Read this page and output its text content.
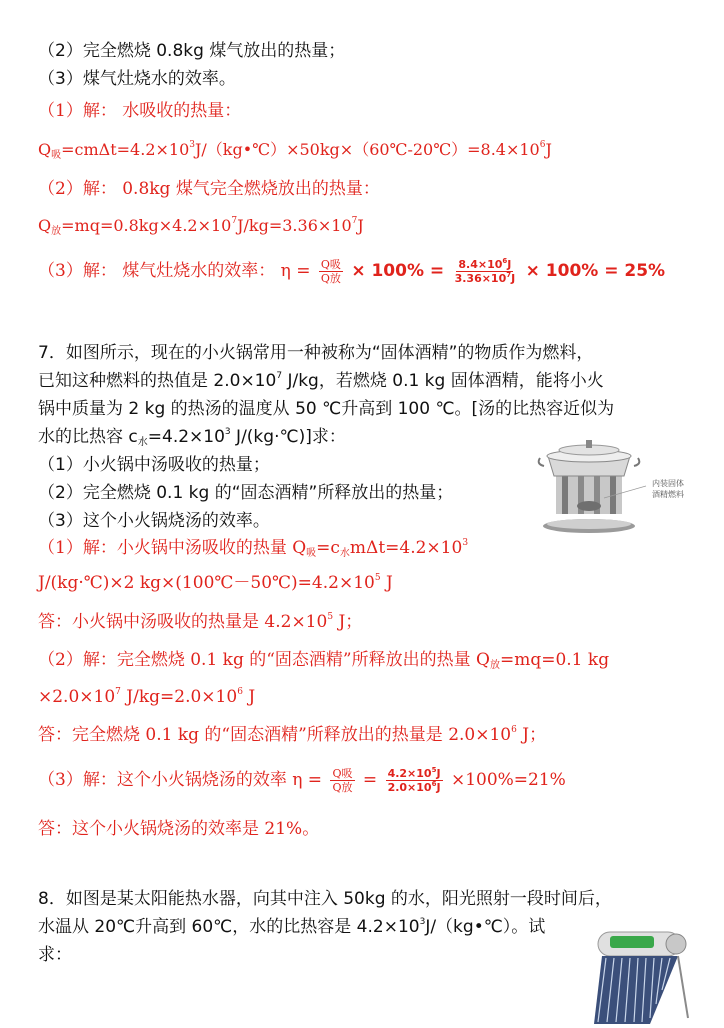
（2）完全燃烧 0.8kg 煤气放出的热量；
（3）煤气灶烧水的效率。
（1）解： 水吸收的热量：
$Q_吸=cm\Delta t=4.2\times 10^3J/(kg•℃)\times 50kg\times(60℃-20℃)=8.4\times 10^6J$
（2）解： 0.8kg 煤气完全燃烧放出的热量：
$Q_放=mq=0.8kg\times 4.2\times 10^7J/kg=3.36\times 10^7J$
（3）解： 煤气灶烧水的效率： $\eta = \frac{\text{Q吸}}{\text{Q放}} \times 100\% = \frac{8.4\times 10^6J}{3.36\times 10^7J} \times 100\% = 25\%$
7．如图所示，现在的小火锅常用一种被称为“固体酒精”的物质作为燃料，
已知这种燃料的热值是 $2.0\times 10^7$ J/kg，若燃烧 0.1 kg 固体酒精，能将小火
锅中质量为 2 kg 的热汤的温度从 50 ℃升高到 100 ℃。[汤的比热容近似为
水的比热容 $c_水=4.2\times 10^3$ J/(kg·℃)]求：
（1）小火锅中汤吸收的热量；
（2）完全燃烧 0.1 kg 的“固态酒精”所释放出的热量；
（3）这个小火锅烧汤的效率。
内装固体
酒精燃料
（1）解：小火锅中汤吸收的热量 $Q_吸=c_水m\Delta t=4.2\times 10^3$
J/(kg·℃)×2 $kg\times(100℃-50℃)=4.2\times 10^5$ J
答：小火锅中汤吸收的热量是 $4.2\times 10^5$ J；
（2）解：完全燃烧 0.1 kg 的“固态酒精”所释放出的热量 $Q_放=mq=0.1$ kg
$\times 2.0\times 10^7$ $J/kg=2.0\times 10^6$ J
答：完全燃烧 0.1 kg 的“固态酒精”所释放出的热量是 $2.0\times 10^6$ J；
（3）解：这个小火锅烧汤的效率 $\eta = \frac{\text{Q吸}}{\text{Q放}} = \frac{4.2\times 10^5J}{2.0\times 10^6J} \times 100\%=21\%$
答：这个小火锅烧汤的效率是 21%。
8．如图是某太阳能热水器，向其中注入 50kg 的水，阳光照射一段时间后，
水温从 20℃升高到 60℃，水的比热容是 $4.2\times 10^3J/(kg•℃)$。试
求：
